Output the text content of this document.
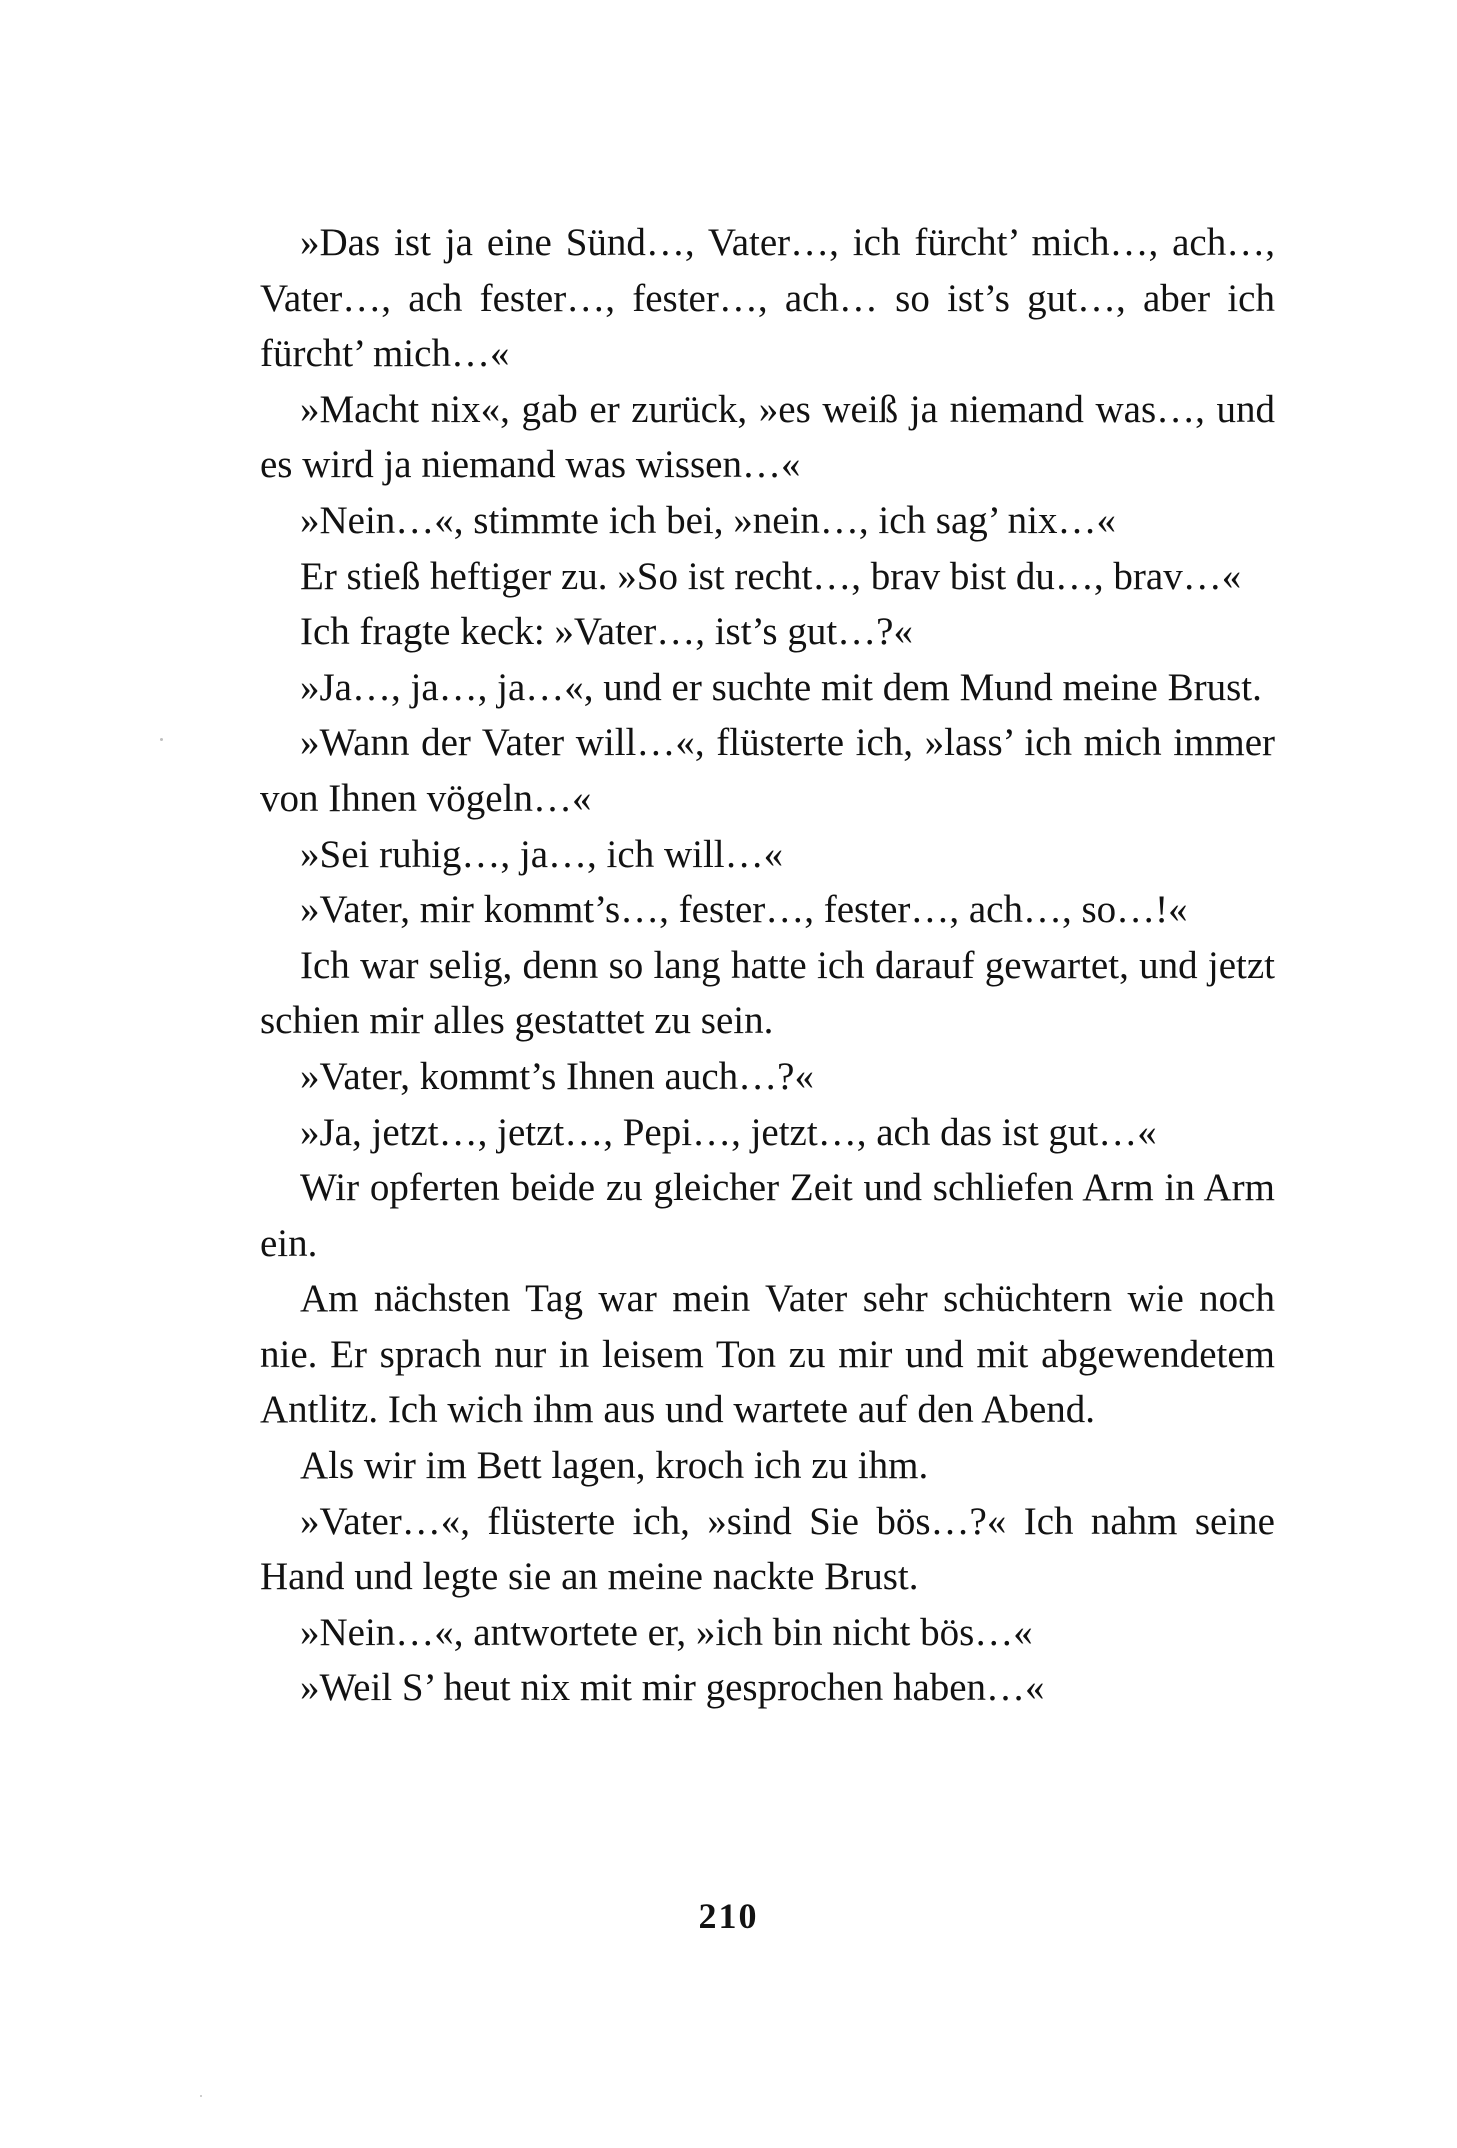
»Das ist ja eine Sünd…, Vater…, ich fürcht’ mich…, ach…, Vater…, ach fester…, fester…, ach… so ist’s gut…, aber ich fürcht’ mich…«

»Macht nix«, gab er zurück, »es weiß ja niemand was…, und es wird ja niemand was wissen…«

»Nein…«, stimmte ich bei, »nein…, ich sag’ nix…«

Er stieß heftiger zu. »So ist recht…, brav bist du…, brav…«

Ich fragte keck: »Vater…, ist’s gut…?«

»Ja…, ja…, ja…«, und er suchte mit dem Mund meine Brust.

»Wann der Vater will…«, flüsterte ich, »lass’ ich mich immer von Ihnen vögeln…«

»Sei ruhig…, ja…, ich will…«

»Vater, mir kommt’s…, fester…, fester…, ach…, so…!«

Ich war selig, denn so lang hatte ich darauf gewartet, und jetzt schien mir alles gestattet zu sein.

»Vater, kommt’s Ihnen auch…?«

»Ja, jetzt…, jetzt…, Pepi…, jetzt…, ach das ist gut…«

Wir opferten beide zu gleicher Zeit und schliefen Arm in Arm ein.

Am nächsten Tag war mein Vater sehr schüchtern wie noch nie. Er sprach nur in leisem Ton zu mir und mit abgewendetem Antlitz. Ich wich ihm aus und wartete auf den Abend.

Als wir im Bett lagen, kroch ich zu ihm.

»Vater…«, flüsterte ich, »sind Sie bös…?« Ich nahm seine Hand und legte sie an meine nackte Brust.

»Nein…«, antwortete er, »ich bin nicht bös…«

»Weil S’ heut nix mit mir gesprochen haben…«

210
